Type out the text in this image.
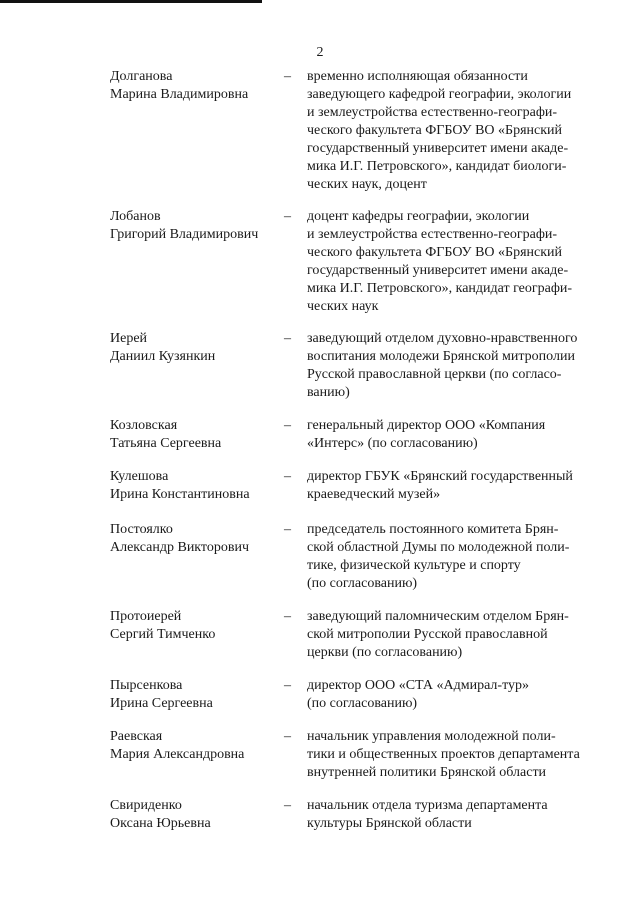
2
Долганова
Марина Владимировна
– временно исполняющая обязанности
заведующего кафедрой географии, экологии
и землеустройства естественно-географи-
ческого факультета ФГБОУ ВО «Брянский
государственный университет имени акаде-
мика И.Г. Петровского», кандидат биологи-
ческих наук, доцент
Лобанов
Григорий Владимирович
– доцент кафедры географии, экологии
и землеустройства естественно-географи-
ческого факультета ФГБОУ ВО «Брянский
государственный университет имени акаде-
мика И.Г. Петровского», кандидат географи-
ческих наук
Иерей
Даниил Кузянкин
– заведующий отделом духовно-нравственного
воспитания молодежи Брянской митрополии
Русской православной церкви (по согласо-
ванию)
Козловская
Татьяна Сергеевна
– генеральный директор ООО «Компания
«Интерс» (по согласованию)
Кулешова
Ирина Константиновна
– директор ГБУК «Брянский государственный
краеведческий музей»
Постоялко
Александр Викторович
– председатель постоянного комитета Брян-
ской областной Думы по молодежной поли-
тике, физической культуре и спорту
(по согласованию)
Протоиерей
Сергий Тимченко
– заведующий паломническим отделом Брян-
ской митрополии Русской православной
церкви (по согласованию)
Пырсенкова
Ирина Сергеевна
– директор ООО «СТА «Адмирал-тур»
(по согласованию)
Раевская
Мария Александровна
– начальник управления молодежной поли-
тики и общественных проектов департамента
внутренней политики Брянской области
Свириденко
Оксана Юрьевна
– начальник отдела туризма департамента
культуры Брянской области
